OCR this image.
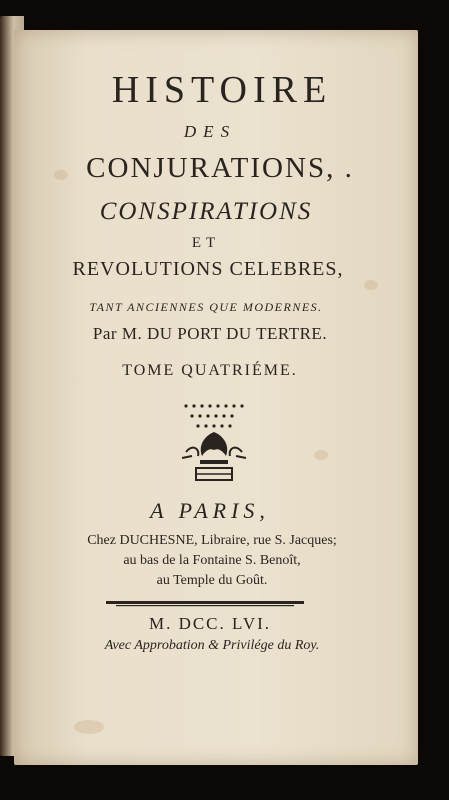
HISTOIRE
DES
CONJURATIONS, .
CONSPIRATIONS
ET
REVOLUTIONS CELEBRES,
TANT ANCIENNES QUE MODERNES.
Par M. DU PORT DU TERTRE.
TOME QUATRIÉME.
A PARIS,
Chez DUCHESNE, Libraire, rue S. Jacques;
au bas de la Fontaine S. Benoît,
au Temple du Goût.
M. DCC. LVI.
Avec Approbation & Privilége du Roy.
